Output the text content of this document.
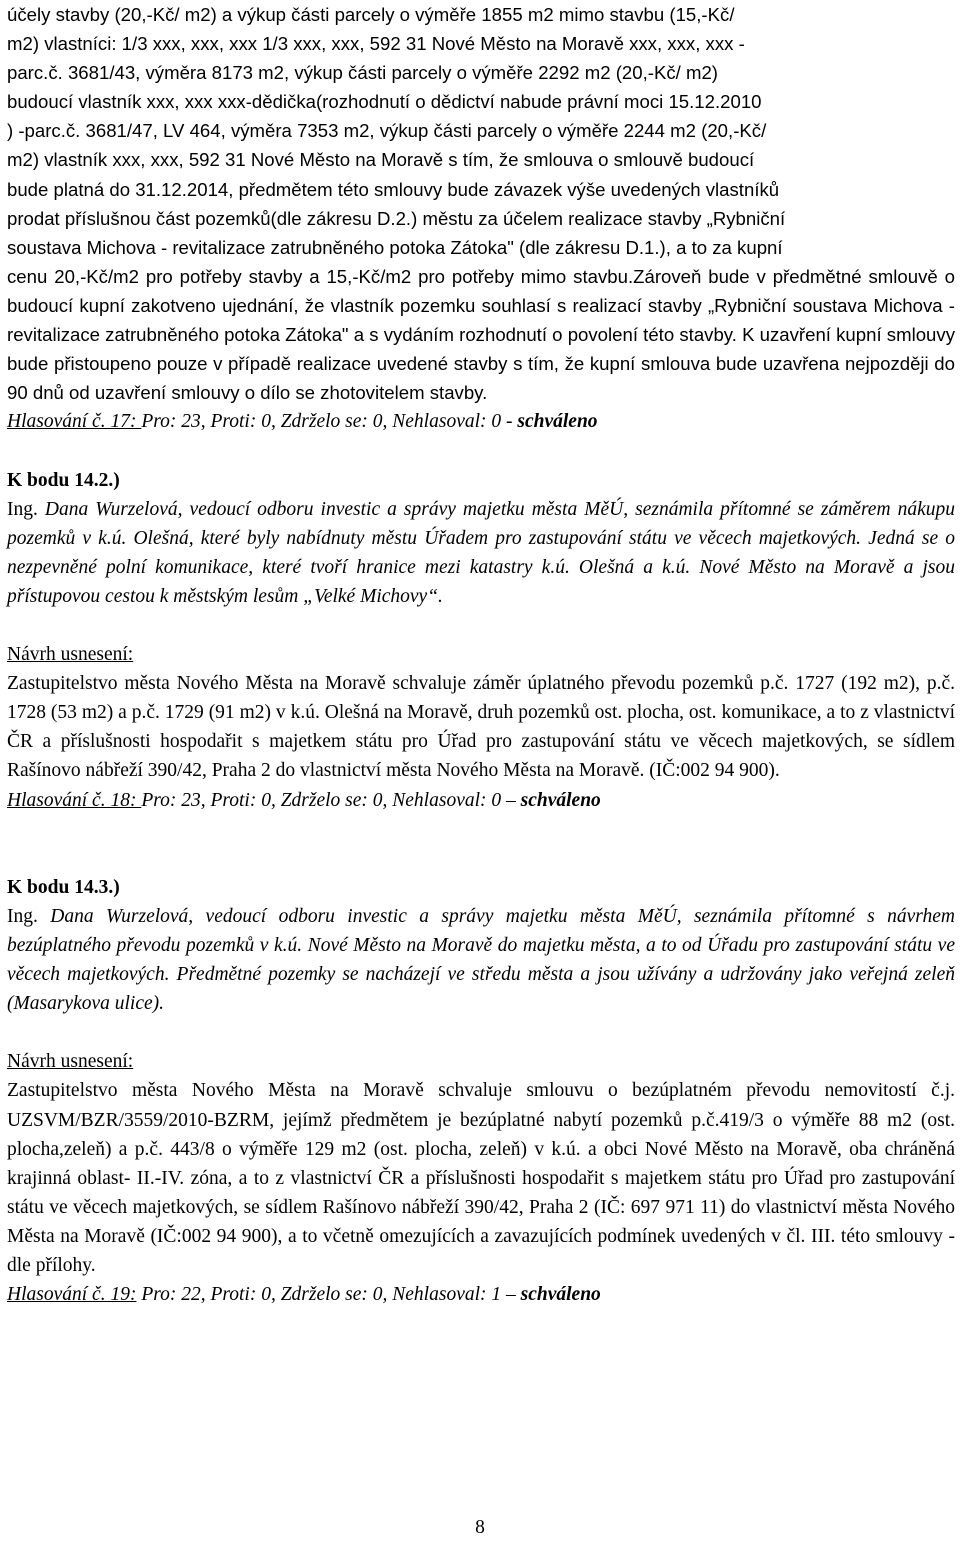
účely stavby (20,-Kč/ m2) a výkup části parcely o výměře 1855 m2 mimo stavbu (15,-Kč/
m2) vlastníci: 1/3 xxx, xxx, xxx 1/3 xxx, xxx, 592 31 Nové Město na Moravě xxx, xxx, xxx -
parc.č. 3681/43, výměra 8173 m2, výkup části parcely o výměře 2292 m2 (20,-Kč/ m2)
budoucí vlastník xxx, xxx xxx-dědička(rozhodnutí o dědictví nabude právní moci 15.12.2010
) -parc.č. 3681/47, LV 464, výměra 7353 m2, výkup části parcely o výměře 2244 m2 (20,-Kč/
m2) vlastník xxx, xxx, 592 31 Nové Město na Moravě s tím, že smlouva o smlouvě budoucí
bude platná do 31.12.2014, předmětem této smlouvy bude závazek výše uvedených vlastníků
prodat příslušnou část pozemků(dle zákresu D.2.) městu za účelem realizace stavby „Rybniční
soustava Michova - revitalizace zatrubněného potoka Zátoka" (dle zákresu D.1.), a to za kupní
cenu 20,-Kč/m2 pro potřeby stavby a 15,-Kč/m2 pro potřeby mimo stavbu.Zároveň bude v předmětné smlouvě o budoucí kupní zakotveno ujednání, že vlastník pozemku souhlasí s realizací stavby „Rybniční soustava Michova - revitalizace zatrubněného potoka Zátoka" a s vydáním rozhodnutí o povolení této stavby. K uzavření kupní smlouvy bude přistoupeno pouze v případě realizace uvedené stavby s tím, že kupní smlouva bude uzavřena nejpozději do 90 dnů od uzavření smlouvy o dílo se zhotovitelem stavby.

Hlasování č. 17: Pro: 23, Proti: 0, Zdrželo se: 0, Nehlasoval: 0 - schváleno

K bodu 14.2.)

Ing. Dana Wurzelová, vedoucí odboru investic a správy majetku města MěÚ, seznámila přítomné se záměrem nákupu pozemků v k.ú. Olešná, které byly nabídnuty městu Úřadem pro zastupování státu ve věcech majetkových. Jedná se o nezpevněné polní komunikace, které tvoří hranice mezi katastry k.ú. Olešná a k.ú. Nové Město na Moravě a jsou přístupovou cestou k městským lesům „Velké Michovy“.

Návrh usnesení:

Zastupitelstvo města Nového Města na Moravě schvaluje záměr úplatného převodu pozemků p.č. 1727 (192 m2), p.č. 1728 (53 m2) a p.č. 1729 (91 m2) v k.ú. Olešná na Moravě, druh pozemků ost. plocha, ost. komunikace, a to z vlastnictví ČR a příslušnosti hospodařit s majetkem státu pro Úřad pro zastupování státu ve věcech majetkových, se sídlem Rašínovo nábřeží 390/42, Praha 2 do vlastnictví města Nového Města na Moravě. (IČ:002 94 900).

Hlasování č. 18: Pro: 23, Proti: 0, Zdrželo se: 0, Nehlasoval: 0 – schváleno

K bodu 14.3.)

Ing. Dana Wurzelová, vedoucí odboru investic a správy majetku města MěÚ, seznámila přítomné s návrhem bezúplatného převodu pozemků v k.ú. Nové Město na Moravě do majetku města, a to od Úřadu pro zastupování státu ve věcech majetkových. Předmětné pozemky se nacházejí ve středu města a jsou užívány a udržovány jako veřejná zeleň (Masarykova ulice).

Návrh usnesení:

Zastupitelstvo města Nového Města na Moravě schvaluje smlouvu o bezúplatném převodu nemovitostí č.j. UZSVM/BZR/3559/2010-BZRM, jejímž předmětem je bezúplatné nabytí pozemků p.č.419/3 o výměře 88 m2 (ost. plocha,zeleň) a p.č. 443/8 o výměře 129 m2 (ost. plocha, zeleň) v k.ú. a obci Nové Město na Moravě, oba chráněná krajinná oblast- II.-IV. zóna, a to z vlastnictví ČR a příslušnosti hospodařit s majetkem státu pro Úřad pro zastupování státu ve věcech majetkových, se sídlem Rašínovo nábřeží 390/42, Praha 2 (IČ: 697 971 11) do vlastnictví města Nového Města na Moravě (IČ:002 94 900), a to včetně omezujících a zavazujících podmínek uvedených v čl. III. této smlouvy - dle přílohy.

Hlasování č. 19: Pro: 22, Proti: 0, Zdrželo se: 0, Nehlasoval: 1 – schváleno

8
